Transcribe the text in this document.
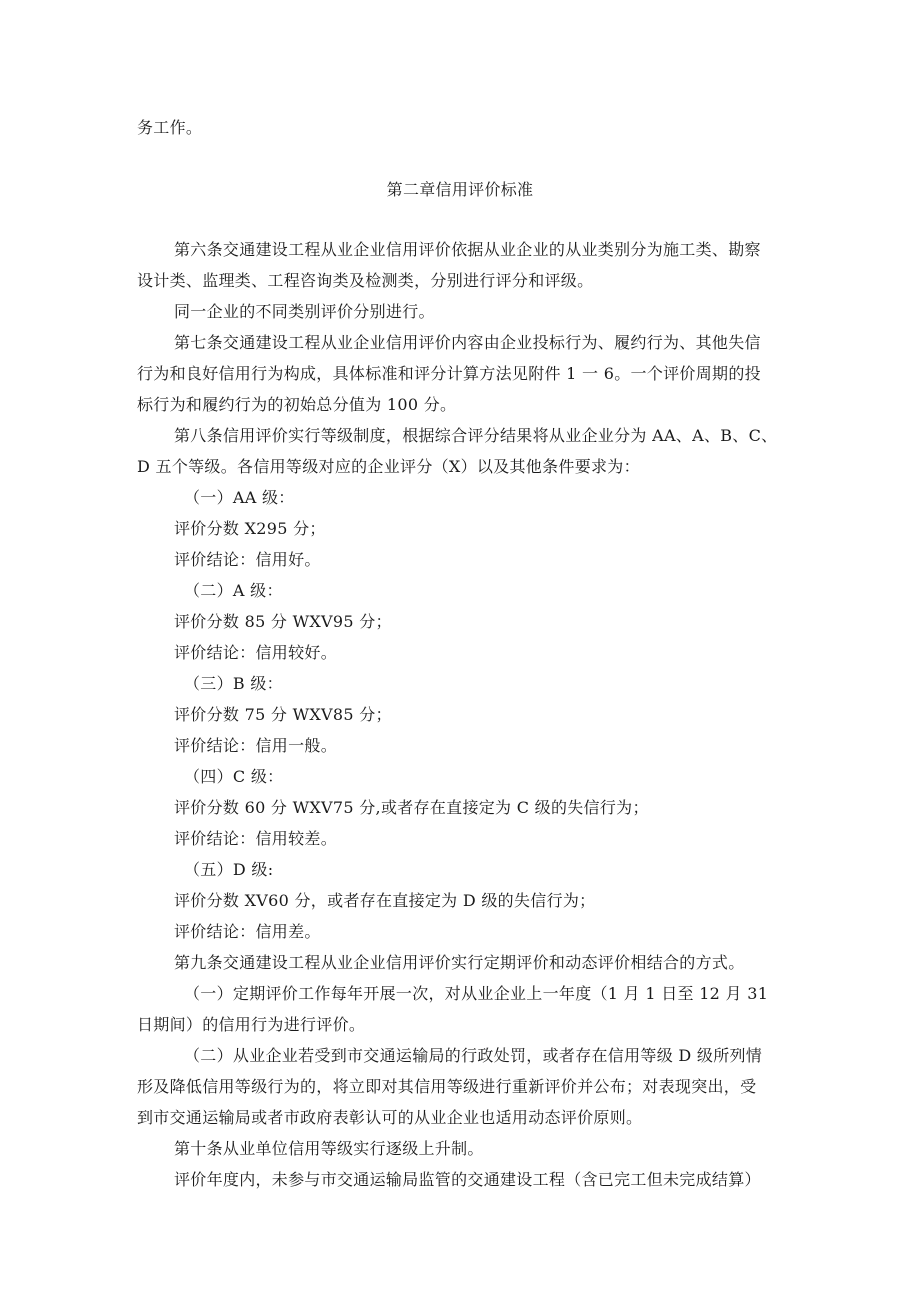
务工作。
第二章信用评价标准
第六条交通建设工程从业企业信用评价依据从业企业的从业类别分为施工类、勘察
设计类、监理类、工程咨询类及检测类，分别进行评分和评级。
同一企业的不同类别评价分别进行。
第七条交通建设工程从业企业信用评价内容由企业投标行为、履约行为、其他失信
行为和良好信用行为构成，具体标准和评分计算方法见附件 1 一 6。一个评价周期的投
标行为和履约行为的初始总分值为 100 分。
第八条信用评价实行等级制度，根据综合评分结果将从业企业分为 AA、A、B、C、
D 五个等级。各信用等级对应的企业评分（X）以及其他条件要求为：
（一）AA 级：
评价分数 X295 分；
评价结论：信用好。
（二）A 级：
评价分数 85 分 WXV95 分；
评价结论：信用较好。
（三）B 级：
评价分数 75 分 WXV85 分；
评价结论：信用一般。
（四）C 级：
评价分数 60 分 WXV75 分,或者存在直接定为 C 级的失信行为；
评价结论：信用较差。
（五）D 级:
评价分数 XV60 分，或者存在直接定为 D 级的失信行为；
评价结论：信用差。
第九条交通建设工程从业企业信用评价实行定期评价和动态评价相结合的方式。
（一）定期评价工作每年开展一次，对从业企业上一年度（1 月 1 日至 12 月 31
日期间）的信用行为进行评价。
（二）从业企业若受到市交通运输局的行政处罚，或者存在信用等级 D 级所列情
形及降低信用等级行为的，将立即对其信用等级进行重新评价并公布；对表现突出，受
到市交通运输局或者市政府表彰认可的从业企业也适用动态评价原则。
第十条从业单位信用等级实行逐级上升制。
评价年度内，未参与市交通运输局监管的交通建设工程（含已完工但未完成结算）
